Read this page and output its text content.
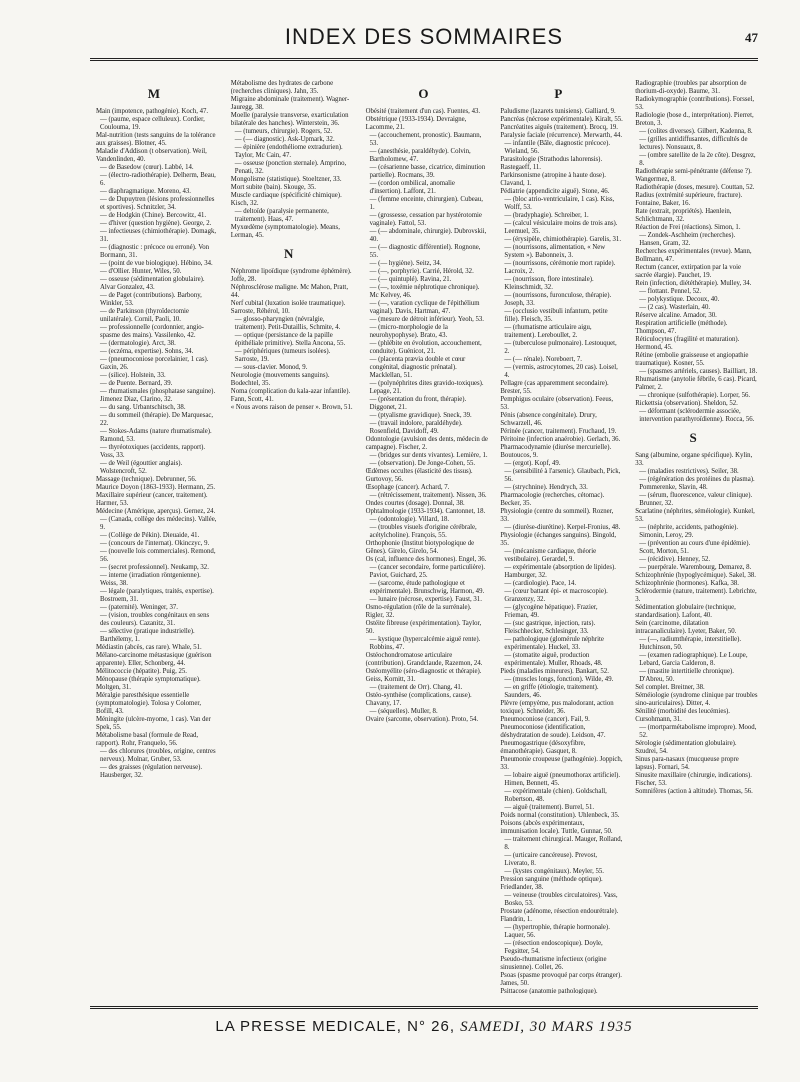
INDEX DES SOMMAIRES	47
M

Main (impotence, pathogénie). Koch, 47.

— (paume, espace celluleux). Cordier, Coulouma, 19.

Mal-nutrition (tests sanguins de la tolérance aux graisses). Blotner, 45.

Maladie d'Addison (t observation). Weil, Vandenlinden, 40.

— de Basedow (cœur). Labbé, 14.

— (électro-radiothérapie). Delherm, Beau, 6.

— diaphragmatique. Moreno, 43.

— de Dupuytren (lésions professionnelles et sportives). Schnitzler, 34.

— de Hodgkin (Chine). Bercowitz, 41.

— d'hiver (question hygiène). George, 2.

— infectieuses (chimiothérapie). Domagk, 31.

— (diagnostic : précoce ou erroné). Von Bormann, 31.

— (point de vue biologique). Hébino, 34.

— d'Ollier. Hunter, Wiles, 50.

— osseuse (sédimentation globulaire). Alvar Gonzalez, 43.

— de Paget (contributions). Barbony, Winkler, 53.

— de Parkinson (thyroïdectomie unilatérale). Cornil, Paoli, 10.

— professionnelle (cordonnier, angio-spasme des mains). Vassilenko, 42.

— (dermatologie). Arct, 38.

— (eczéma, expertise). Sohns, 34.

— (pneumoconiose porcelainier, 1 cas). Gaxin, 26.

— (silice). Holstein, 33.

— de Puente. Bernard, 39.

— rhumatismales (phosphatase sanguine). Jimenez Diaz, Clarino, 32.

— du sang. Urbantschitsch, 38.

— du sommeil (thérapie). De Marquesac, 22.

— Stokes-Adams (nature rhumatismale). Ramond, 53.

— thyréotoxiques (accidents, rapport). Voss, 33.

— de Weil (égouttier anglais). Wolstencroft, 52.

Massage (technique). Debrunner, 56.

Maurice Doyon (1863-1933). Hermann, 25.

Maxillaire supérieur (cancer, traitement). Harmer, 53.

Médecine (Amérique, aperçus). Gernez, 24.

— (Canada, collège des médecins). Vallée, 9.

— (Collège de Pékin). Dieuaide, 41.

— (concours de l'internat). Okinczyc, 9.

— (nouvelle lois commerciales). Remond, 56.

— (secret professionnel). Neukamp, 32.

— interne (irradiation röntgenienne). Weiss, 38.

— légale (paralytiques, traités, expertise). Bostroem, 31.

— (paternité). Weninger, 37.

— (vision, troubles congénitaux en sens des couleurs). Cazanitz, 31.

— sélective (pratique industrielle). Barthélemy, 1.

Médiastin (abcès, cas rare). Whale, 51.

Mélano-carcinome métastasique (guérison apparente). Eller, Schonberg, 44.

Mélitococcie (hépatite). Puig, 25.

Ménopause (thérapie symptomatique). Moltgen, 31.

Méralgie paresthésique essentielle (symptomatologie). Tolosa y Colomer, Bofill, 43.

Méningite (ulcère-myome, 1 cas). Van der Spek, 55.

Métabolisme basal (formule de Read, rapport). Rohr, Franquelo, 56.

— des chlorures (troubles, origine, centres nerveux). Molnar, Gruber, 53.

— des graisses (régulation nerveuse). Hausberger, 32.

Métabolisme des hydrates de carbone (recherches cliniques). Jahn, 35.

Migraine abdominale (traitement). Wagner-Jauregg, 38.

Moelle (paralysie transverse, exarticulation bilatérale des hanches). Winterstein, 36.

— (tumeurs, chirurgie). Rogers, 52.

— (— diagnostic). Ask-Upmark, 32.

— épinière (endothéliome extradurien). Taylor, Mc Cain, 47.

— osseuse (ponction sternale). Amprino, Penati, 32.

Mongolisme (statistique). Stoeltzner, 33.

Mort subite (bain). Skouge, 35.

Muscle cardiaque (spécificité chimique). Kisch, 32.

— deltoïde (paralysie permanente, traitement). Haas, 47.

Myxœdème (symptomatologie). Means, Lerman, 45.

N

Néphrome lipoïdique (syndrome éphémère). Joffe, 28.

Néphrosclérose maligne. Mc Mahon, Pratt, 44.

Nerf cubital (luxation isolée traumatique). Sarroste, Réhérol, 10.

— glosso-pharyngien (névralgie, traitement). Petit-Dutaillis, Schmite, 4.

— optique (persistance de la papille épithéliale primitive). Stella Ancona, 55.

— périphériques (tumeurs isolées). Sarroste, 19.

— sous-clavier. Monod, 9.

Neurologie (mouvements sanguins). Bodechtel, 35.

Noma (complication du kala-azar infantile). Fann, Scott, 41.

« Nous avons raison de penser ». Brown, 51.

O

Obésité (traitement d'un cas). Fuentes, 43.

Obstétrique (1933-1934). Devraigne, Lacomme, 21.

— (accouchement, pronostic). Baumann, 53.

— (anesthésie, paraldéhyde). Colvin, Bartholomew, 47.

— (césarienne basse, cicatrice, diminution partielle). Rocmans, 39.

— (cordon ombilical, anomalie d'insertion). Laffont, 21.

— (femme enceinte, chirurgien). Cubeau, 1.

— (grossesse, cessation par hystérotomie vaginale). Fattol, 53.

— (— abdominale, chirurgie). Dubrovskii, 40.

— (— diagnostic différentiel). Rognone, 55.

— (— hygiène). Seitz, 34.

— (—, porphyrie). Carrié, Hérold, 32.

— (— quintuplé). Ravina, 21.

— (—, toxémie néphrotique chronique). Mc Kelvey, 46.

— (—, varation cyclique de l'épithélium vaginal). Davis, Hartman, 47.

— (mesure de détroit inférieur). Yeoh, 53.

— (micro-morphologie de la neurohypophyse). Brato, 43.

— (phlébite en évolution, accouchement, conduite). Guénicot, 21.

— (placenta prævia double et cœur congénital, diagnostic prénatal). Macklellan, 51.

— (polynéphrites dites gravido-toxiques). Lepage, 21.

— (présentation du front, thérapie). Diggonet, 21.

— (ptyalisme gravidique). Sneck, 39.

— (travail indolore, paraldéhyde). Rosenfield, Davidoff, 49.

Odontologie (avulsion des dents, médecin de campagne). Fischer, 2.

— (bridges sur dents vivantes). Lemière, 1.

— (observation). De Jonge-Cohen, 55.

Œdèmes occultes (élasticité des tissus). Gurtovoy, 56.

Œsophage (cancer). Achard, 7.

— (rétrécissement, traitement). Nissen, 36.

Ondes courtes (dosage). Donnal, 38.

Ophtalmologie (1933-1934). Cantonnet, 18.

— (odontologie). Villard, 18.

— (troubles visuels d'origine cérébrale, acétylcholine). François, 55.

Orthophonie (Institut biotypologique de Gênes). Girelo, Girelo, 54.

Os (cal, influence des hormones). Engel, 36.

— (cancer secondaire, forme particulière). Paviot, Guichard, 25.

— (sarcome, étude pathologique et expérimentale). Brunschwig, Harmon, 49.

— lunaire (nécrose, expertise). Faust, 31.

Osmo-régulation (rôle de la surrénale). Rigler, 32.

Ostéite fibreuse (expérimentation). Taylor, 50.

— kystique (hypercalcémie aiguë rente). Robbins, 47.

Ostéochondromatose articulaire (contribution). Grandclaude, Razemon, 24.

Ostéomyélite (séro-diagnostic et thérapie). Geiss, Kornitt, 31.

— (traitement de Orr). Chang, 41.

Ostéo-synthèse (complications, cause). Chavany, 17.

— (séquelles). Muller, 8.

Ovaire (sarcome, observation). Proto, 54.

P

Paludisme (lazarets tunisiens). Galliard, 9.

Pancréas (nécrose expérimentale). Kiralt, 55.

Pancréatites aiguës (traitement). Brocq, 19.

Paralysie faciale (récurrence). Merwarth, 44.

— infantile (Bâle, diagnostic précoce). Wieland, 56.

Parasitologie (Strathodus lahorensis). Rastegaeff, 11.

Parkinsonisme (atropine à haute dose). Clavand, 1.

Pédiatrie (appendicite aiguë). Stone, 46.

— (bloc atrio-ventriculaire, 1 cas). Kiss, Wolff, 53.

— (bradyphagie). Schreiber, 1.

— (calcul vésiculaire moins de trois ans). Leemuel, 35.

— (érysipèle, chimiothérapie). Garelis, 31.

— (nourrissons, alimentation, « New System »). Babonneix, 3.

— (nourrissons, cérémonie mort rapide). Lacroix, 2.

— (nourrisson, flore intestinale). Kleinschmidt, 32.

— (nourrissons, furonculose, thérapie). Joseph, 33.

— (occlusio vestibuli infantum, petite fille). Fleisch, 35.

— (rhumatisme articulaire aigu, traitement). Lereboullet, 2.

— (tuberculose pulmonaire). Lestouquet, 2.

— (— rénale). Noreboert, 7.

— (vermis, astrocytomes, 20 cas). Loisel, 4.

Pellagre (cas apparemment secondaire). Brester, 55.

Pemphigus oculaire (observation). Feeus, 53.

Pénis (absence congénitale). Drury, Schwarzell, 46.

Périnée (cancer, traitement). Fruchaud, 19.

Péritoine (infection anaérobie). Gerlach, 36.

Pharmacodynamie (diurèse mercurielle). Boutoucos, 9.

— (ergot). Kopf, 49.

— (sensibilité à l'arsenic). Glaubach, Pick, 56.

— (strychnine). Hendrych, 33.

Pharmacologie (recherches, cétomac). Becker, 35.

Physiologie (centre du sommeil). Rozner, 33.

— (diurèse-diurétine). Kerpel-Fronius, 48.

Physiologie (échanges sanguins). Bingold, 35.

— (mécanisme cardiaque, théorie vestibulaire). Gerardel, 9.

— expérimentale (absorption de lipides). Hamburger, 32.

— (cardiologie). Pace, 14.

— (cœur battant épi- et macroscopie). Granzenzy, 32.

— (glycogène hépatique). Frazier, Frieman, 49.

— (suc gastrique, injection, rats). Fleischhecker, Schlesinger, 33.

— pathologique (glomérule néphrite expérimentale). Huckel, 33.

— (stomatite aiguë, production expérimentale). Muller, Rhoads, 48.

Pieds (maladies mineures). Bankart, 52.

— (muscles longs, fonction). Wilde, 49.

— en griffe (étiologie, traitement). Saunders, 46.

Plèvre (empyème, pus malodorant, action toxique). Schneider, 36.

Pneumoconiose (cancer). Fail, 9.

Pneumoconiose (identification, déshydratation de soude). Leidson, 47.

Pneumogastrique (désoxyfibre, émanothérapie). Gasquet, 8.

Pneumonie croupeuse (pathogénie). Joppich, 33.

— lobaire aiguë (pneumothorax artificiel). Himen, Bennett, 45.

— expérimentale (chien). Goldschall, Robertson, 48.

— aiguë (traitement). Burrel, 51.

Poids normal (constitution). Uhlenbeck, 35.

Poisons (abcès expérimentaux, immunisation locale). Tuttle, Gunnar, 50.

— traitement chirurgical. Mauger, Rolland, 8.

— (urticaire cancéreuse). Prevost, Liverato, 8.

— (kystes congénitaux). Meyler, 55.

Pression sanguine (méthode optique). Friedlander, 38.

— veineuse (troubles circulatoires). Vass, Bosko, 53.

Prostate (adénome, résection endourétrale). Flandrin, 1.

— (hypertrophie, thérapie hormonale). Laquer, 56.

— (résection endoscopique). Doyle, Fegsitter, 54.

Pseudo-rhumatisme infectieux (origine sinusienne). Collet, 26.

Psoas (spasme provoqué par corps étranger). James, 50.

Psittacose (anatomie pathologique).

Radiographie (troubles par absorption de thorium-di-oxyde). Baume, 31.

Radiokymographie (contributions). Forssel, 53.

Radiologie (bose d., interprétation). Pierret, Breton, 3.

— (colites diverses). Gilbert, Kadenna, 8.

— (grilles antidiffusantes, difficultés de lectures). Nonsuaux, 8.

— (ombre satellite de la 2e côte). Desgrez, 8.

Radiothérapie semi-pénétrante (défense ?). Wangermez, 8.

Radiothérapie (doses, mesure). Couttan, 52.

Radius (extrémité supérieure, fracture). Fontaine, Baker, 16.

Rate (extrait, propriétés). Haenlein, Schlichtmann, 32.

Réaction de Frei (réactions). Simon, 1.

— Zondek-Aschheim (recherches). Hansen, Gram, 32.

Recherches expérimentales (revue). Mann, Bollmann, 47.

Rectum (cancer, extirpation par la voie sacrée élargie). Pauchet, 19.

Rein (infection, diététhérapie). Mulley, 34.

— flottant. Pennel, 52.

— polykystique. Decoux, 40.

— (2 cas). Wasterlain, 40.

Réserve alcaline. Amador, 30.

Respiration artificielle (méthode). Thompson, 47.

Réticulocytes (fragilité et maturation). Hermond, 45.

Rétine (embolie graisseuse et angiopathie traumatique). Kosner, 55.

— (spasmes artériels, causes). Bailliart, 18.

Rhumatisme (anytolie fébrile, 6 cas). Picard, Palmer, 2.

— chronique (sulfothérapie). Lorper, 56.

Rickettsia (observation). Sheldon, 52.

— déformant (sclérodermie associée, intervention parathyroïdienne). Rocca, 56.

S

Sang (albumine, organe spécifique). Kylin, 33.

— (maladies restrictives). Seiler, 38.

— (régénération des protéines du plasma). Pommerenke, Slavin, 48.

— (sérum, fluorescence, valeur clinique). Brunner, 32.

Scarlatine (néphrites, séméiologie). Kunkel, 53.

— (néphrite, accidents, pathogénie). Simonin, Leroy, 29.

— (prévention au cours d'une épidémie). Scott, Morton, 51.

— (récidive). Henney, 52.

— puerpérale. Warembourg, Demarez, 8.

Schizophrénie (hypoglycémique). Sakel, 38.

Schizophrénie (hormones). Kafka, 38.

Sclérodermie (nature, traitement). Lebrichte, 3.

Sédimentation globulaire (technique, standardisation). Lafont, 40.

Sein (carcinome, dilatation intracanaliculaire). Lyeter, Baker, 50.

— (—, radiumthérapie, interstitielle). Hutchinson, 50.

— (examen radiographique). Le Loupe, Lebard, Garcia Calderon, 8.

— (mastite intertitielle chronique). D'Abreu, 50.

Sel complet. Breitner, 38.

Séméiologie (syndrome clinique par troubles sino-auriculaires). Ditter, 4.

Sénilité (morbidité des leucémies). Cursohmann, 31.

— (mortparmétabolisme impropre). Mood, 52.

Sérologie (sédimentation globulaire). Szudrei, 54.

Sinus para-nasaux (mucqueuse propre lapsus). Fornari, 54.

Sinusite maxillaire (chirurgie, indications). Fischer, 53.

Somnifères (action à altitude). Thomas, 56.

LA PRESSE MEDICALE, N° 26, SAMEDI, 30 MARS 1935
